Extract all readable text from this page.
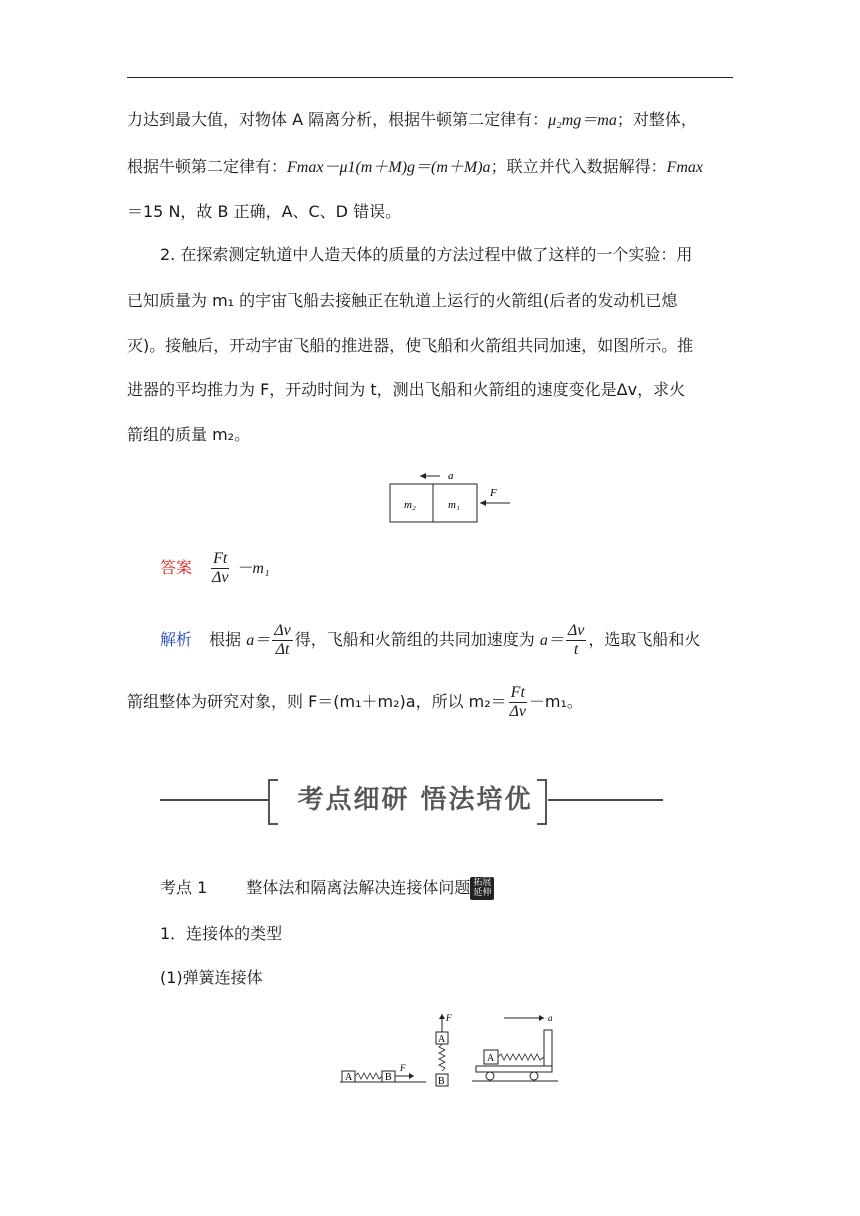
力达到最大值，对物体 A 隔离分析，根据牛顿第二定律有：μ₂mg＝ma；对整体，
根据牛顿第二定律有：Fmax－μ1(m＋M)g＝(m＋M)a；联立并代入数据解得：Fmax
＝15 N，故 B 正确，A、C、D 错误。
2. 在探索测定轨道中人造天体的质量的方法过程中做了这样的一个实验：用
已知质量为 m₁ 的宇宙飞船去接触正在轨道上运行的火箭组(后者的发动机已熄
灭)。接触后，开动宇宙飞船的推进器，使飞船和火箭组共同加速，如图所示。推
进器的平均推力为 F，开动时间为 t，测出飞船和火箭组的速度变化是Δv，求火
箭组的质量 m₂。
a
m₂	m₁
F
答案 $\frac{Ft}{\Delta v} -m_1$
解析 根据 $a= \frac{\Delta v}{\Delta t}$ 得，飞船和火箭组的共同加速度为 $a= \frac{\Delta v}{t}$ ，选取飞船和火
箭组整体为研究对象，则 F＝(m₁＋m₂)a，所以 $m_2= \frac{Ft}{\Delta v} -m_1$。
考点细研 悟法培优
考点 1 整体法和隔离法解决连接体问题 拓展
延伸
1．连接体的类型
(1)弹簧连接体
A	B
F
F
A
B
a
A
